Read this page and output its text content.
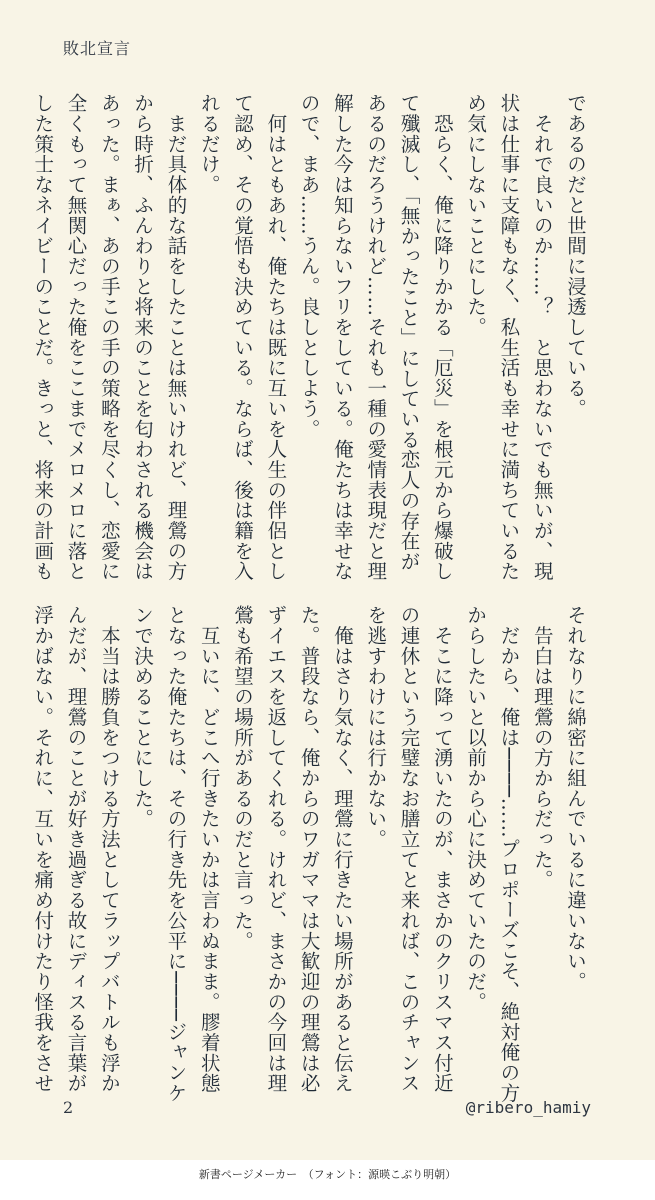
敗北宣言

であるのだと世間に浸透している。

　それで良いのか……？　と思わないでも無いが、現

状は仕事に支障もなく、私生活も幸せに満ちているた

め気にしないことにした。

　恐らく、俺に降りかかる「厄災」を根元から爆破し

て殲滅し、「無かったこと」にしている恋人の存在が

あるのだろうけれど……それも一種の愛情表現だと理

解した今は知らないフリをしている。俺たちは幸せな

ので、まあ……うん。良しとしよう。

　何はともあれ、俺たちは既に互いを人生の伴侶とし

て認め、その覚悟も決めている。ならば、後は籍を入

れるだけ。

　まだ具体的な話をしたことは無いけれど、理鶯の方

から時折、ふんわりと将来のことを匂わされる機会は

あった。まぁ、あの手この手の策略を尽くし、恋愛に

全くもって無関心だった俺をここまでメロメロに落と

した策士なネイビーのことだ。きっと、将来の計画も

それなりに綿密に組んでいるに違いない。

　告白は理鶯の方からだった。

　だから、俺は────……プロポーズこそ、絶対俺の方

からしたいと以前から心に決めていたのだ。

　そこに降って湧いたのが、まさかのクリスマス付近

の連休という完璧なお膳立てと来れば、このチャンス

を逃すわけには行かない。

　俺はさり気なく、理鶯に行きたい場所があると伝え

た。普段なら、俺からのワガママは大歓迎の理鶯は必

ずイエスを返してくれる。けれど、まさかの今回は理

鶯も希望の場所があるのだと言った。

　互いに、どこへ行きたいかは言わぬまま。膠着状態

となった俺たちは、その行き先を公平に────ジャンケ

ンで決めることにした。

　本当は勝負をつける方法としてラップバトルも浮か

んだが、理鶯のことが好き過ぎる故にディスる言葉が

浮かばない。それに、互いを痛め付けたり怪我をさせ

2	@ribero_hamiy
新書ページメーカー　（フォント：源暎こぶり明朝）
